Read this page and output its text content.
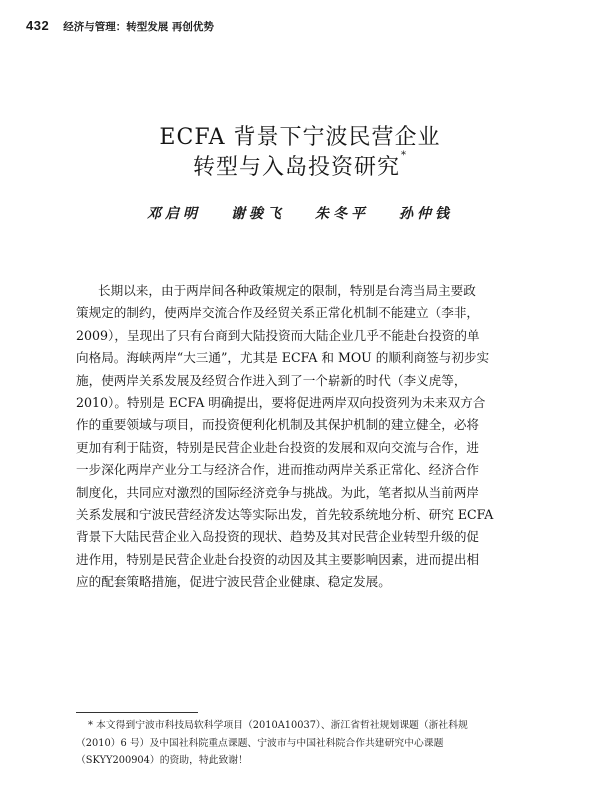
432 经济与管理：转型发展 再创优势
ECFA 背景下宁波民营企业
转型与入岛投资研究*
邓启明 谢骏飞 朱冬平 孙仲钱
长期以来，由于两岸间各种政策规定的限制，特别是台湾当局主要政
策规定的制约，使两岸交流合作及经贸关系正常化机制不能建立（李非，
2009），呈现出了只有台商到大陆投资而大陆企业几乎不能赴台投资的单
向格局。海峡两岸“大三通”，尤其是 ECFA 和 MOU 的顺利商签与初步实
施，使两岸关系发展及经贸合作进入到了一个崭新的时代（李义虎等，
2010）。特别是 ECFA 明确提出，要将促进两岸双向投资列为未来双方合
作的重要领域与项目，而投资便利化机制及其保护机制的建立健全，必将
更加有利于陆资，特别是民营企业赴台投资的发展和双向交流与合作，进
一步深化两岸产业分工与经济合作，进而推动两岸关系正常化、经济合作
制度化，共同应对激烈的国际经济竞争与挑战。为此，笔者拟从当前两岸
关系发展和宁波民营经济发达等实际出发，首先较系统地分析、研究 ECFA
背景下大陆民营企业入岛投资的现状、趋势及其对民营企业转型升级的促
进作用，特别是民营企业赴台投资的动因及其主要影响因素，进而提出相
应的配套策略措施，促进宁波民营企业健康、稳定发展。
* 本文得到宁波市科技局软科学项目（2010A10037）、浙江省哲社规划课题（浙社科规
（2010）6 号）及中国社科院重点课题、宁波市与中国社科院合作共建研究中心课题
（SKYY200904）的资助，特此致谢！
